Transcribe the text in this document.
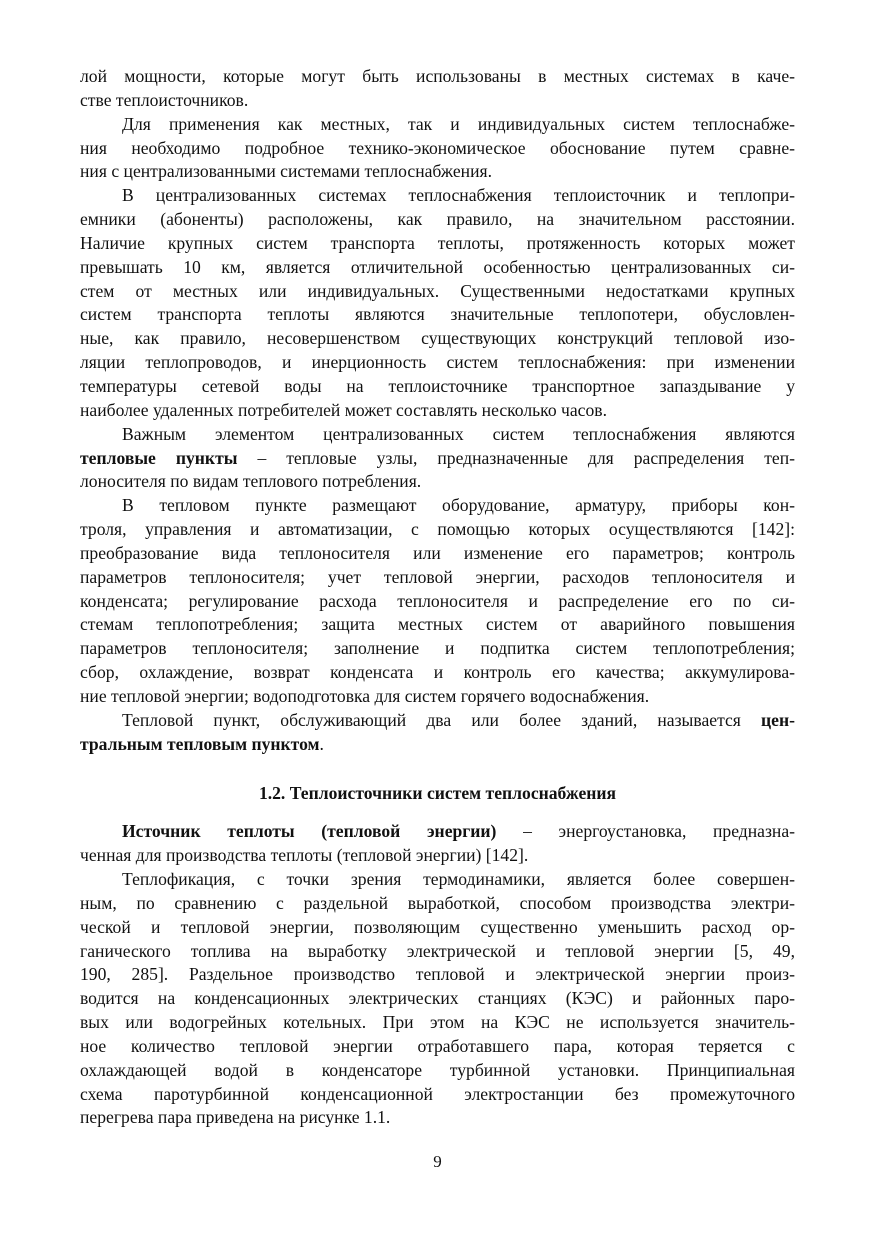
лой мощности, которые могут быть использованы в местных системах в каче-
стве теплоисточников.
Для применения как местных, так и индивидуальных систем теплоснабже-
ния необходимо подробное технико-экономическое обоснование путем сравне-
ния с централизованными системами теплоснабжения.
В централизованных системах теплоснабжения теплоисточник и теплопри-
емники (абоненты) расположены, как правило, на значительном расстоянии.
Наличие крупных систем транспорта теплоты, протяженность которых может
превышать 10 км, является отличительной особенностью централизованных си-
стем от местных или индивидуальных. Существенными недостатками крупных
систем транспорта теплоты являются значительные теплопотери, обусловлен-
ные, как правило, несовершенством существующих конструкций тепловой изо-
ляции теплопроводов, и инерционность систем теплоснабжения: при изменении
температуры сетевой воды на теплоисточнике транспортное запаздывание у
наиболее удаленных потребителей может составлять несколько часов.
Важным элементом централизованных систем теплоснабжения являются
тепловые пункты – тепловые узлы, предназначенные для распределения теп-
лоносителя по видам теплового потребления.
В тепловом пункте размещают оборудование, арматуру, приборы кон-
троля, управления и автоматизации, с помощью которых осуществляются [142]:
преобразование вида теплоносителя или изменение его параметров; контроль
параметров теплоносителя; учет тепловой энергии, расходов теплоносителя и
конденсата; регулирование расхода теплоносителя и распределение его по си-
стемам теплопотребления; защита местных систем от аварийного повышения
параметров теплоносителя; заполнение и подпитка систем теплопотребления;
сбор, охлаждение, возврат конденсата и контроль его качества; аккумулирова-
ние тепловой энергии; водоподготовка для систем горячего водоснабжения.
Тепловой пункт, обслуживающий два или более зданий, называется цен-
тральным тепловым пунктом.
1.2. Теплоисточники систем теплоснабжения
Источник теплоты (тепловой энергии) – энергоустановка, предназна-
ченная для производства теплоты (тепловой энергии) [142].
Теплофикация, с точки зрения термодинамики, является более совершен-
ным, по сравнению с раздельной выработкой, способом производства электри-
ческой и тепловой энергии, позволяющим существенно уменьшить расход ор-
ганического топлива на выработку электрической и тепловой энергии [5, 49,
190, 285]. Раздельное производство тепловой и электрической энергии произ-
водится на конденсационных электрических станциях (КЭС) и районных паро-
вых или водогрейных котельных. При этом на КЭС не используется значитель-
ное количество тепловой энергии отработавшего пара, которая теряется с
охлаждающей водой в конденсаторе турбинной установки. Принципиальная
схема паротурбинной конденсационной электростанции без промежуточного
перегрева пара приведена на рисунке 1.1.
9
